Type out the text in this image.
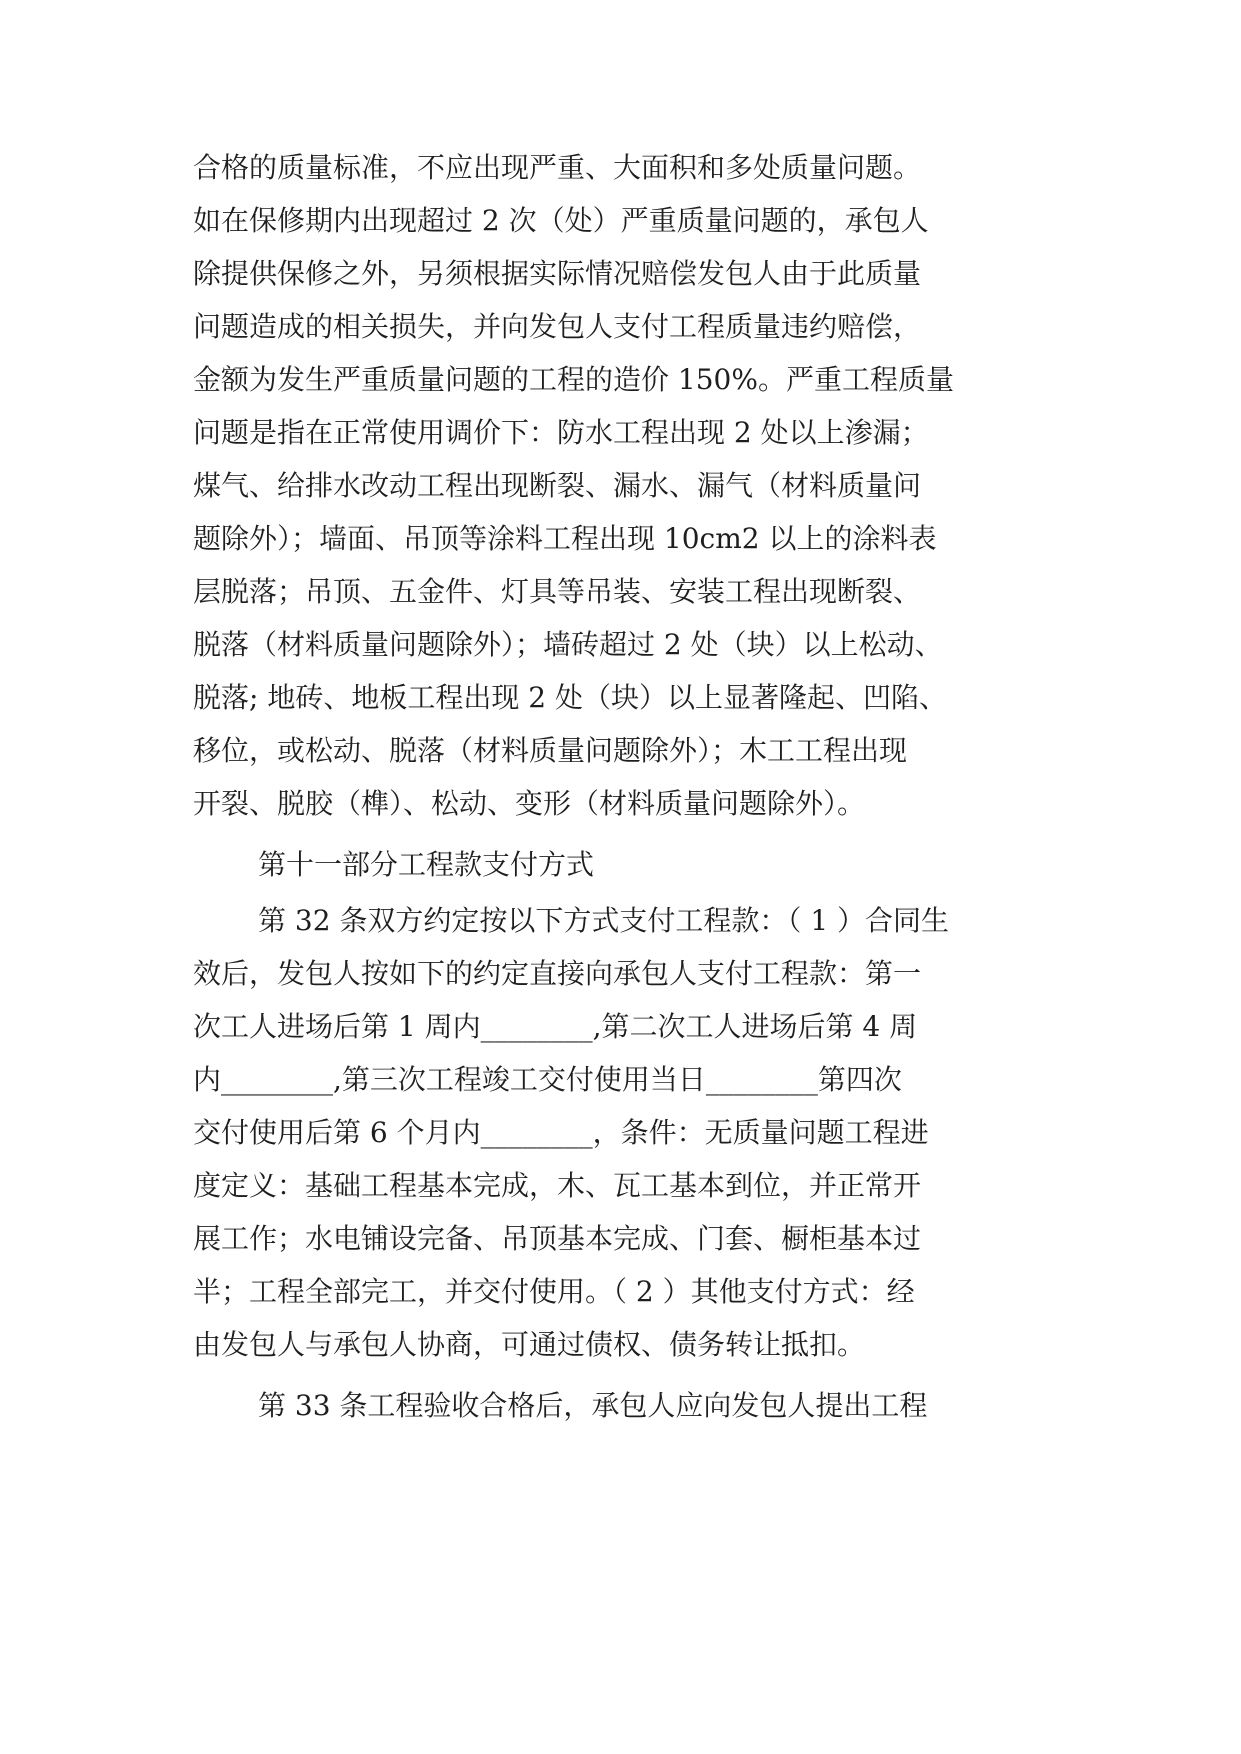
合格的质量标准，不应出现严重、大面积和多处质量问题。
如在保修期内出现超过 2 次（处）严重质量问题的，承包人
除提供保修之外，另须根据实际情况赔偿发包人由于此质量
问题造成的相关损失，并向发包人支付工程质量违约赔偿，
金额为发生严重质量问题的工程的造价 150%。严重工程质量
问题是指在正常使用调价下：防水工程出现 2 处以上渗漏；
煤气、给排水改动工程出现断裂、漏水、漏气（材料质量问
题除外）；墙面、吊顶等涂料工程出现 10cm2 以上的涂料表
层脱落；吊顶、五金件、灯具等吊装、安装工程出现断裂、
脱落（材料质量问题除外）；墙砖超过 2 处（块）以上松动、
脱落; 地砖、地板工程出现 2 处（块）以上显著隆起、凹陷、
移位，或松动、脱落（材料质量问题除外）；木工工程出现
开裂、脱胶（榫）、松动、变形（材料质量问题除外）。
第十一部分工程款支付方式
第 32 条双方约定按以下方式支付工程款：（ 1 ）合同生
效后，发包人按如下的约定直接向承包人支付工程款：第一
次工人进场后第 1 周内________,第二次工人进场后第 4 周
内________,第三次工程竣工交付使用当日________第四次
交付使用后第 6 个月内________，条件：无质量问题工程进
度定义：基础工程基本完成，木、瓦工基本到位，并正常开
展工作；水电铺设完备、吊顶基本完成、门套、橱柜基本过
半；工程全部完工，并交付使用。（ 2 ）其他支付方式：经
由发包人与承包人协商，可通过债权、债务转让抵扣。
第 33 条工程验收合格后，承包人应向发包人提出工程
